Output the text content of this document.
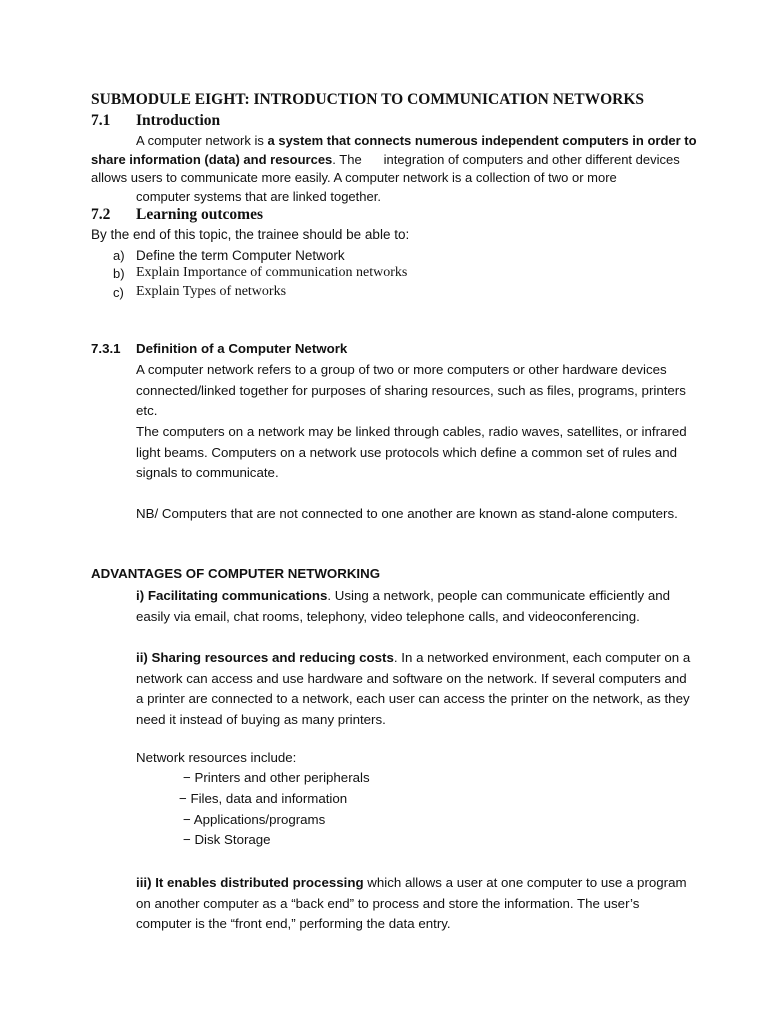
SUBMODULE EIGHT: INTRODUCTION TO COMMUNICATION NETWORKS
7.1 Introduction
A computer network is a system that connects numerous independent computers in order to
share information (data) and resources. The integration of computers and other different devices
allows users to communicate more easily. A computer network is a collection of two or more
computer systems that are linked together.
7.2 Learning outcomes
By the end of this topic, the trainee should be able to:
a) Define the term Computer Network
b) Explain Importance of communication networks
c) Explain Types of networks
7.3.1 Definition of a Computer Network
A computer network refers to a group of two or more computers or other hardware devices connected/linked together for purposes of sharing resources, such as files, programs, printers etc.
The computers on a network may be linked through cables, radio waves, satellites, or infrared light beams. Computers on a network use protocols which define a common set of rules and signals to communicate.
NB/ Computers that are not connected to one another are known as stand-alone computers.
ADVANTAGES OF COMPUTER NETWORKING
i) Facilitating communications. Using a network, people can communicate efficiently and easily via email, chat rooms, telephony, video telephone calls, and videoconferencing.
ii) Sharing resources and reducing costs. In a networked environment, each computer on a network can access and use hardware and software on the network. If several computers and a printer are connected to a network, each user can access the printer on the network, as they need it instead of buying as many printers.
Network resources include:
− Printers and other peripherals
− Files, data and information
− Applications/programs
− Disk Storage
iii) It enables distributed processing which allows a user at one computer to use a program on another computer as a “back end” to process and store the information. The user’s computer is the “front end,” performing the data entry.
